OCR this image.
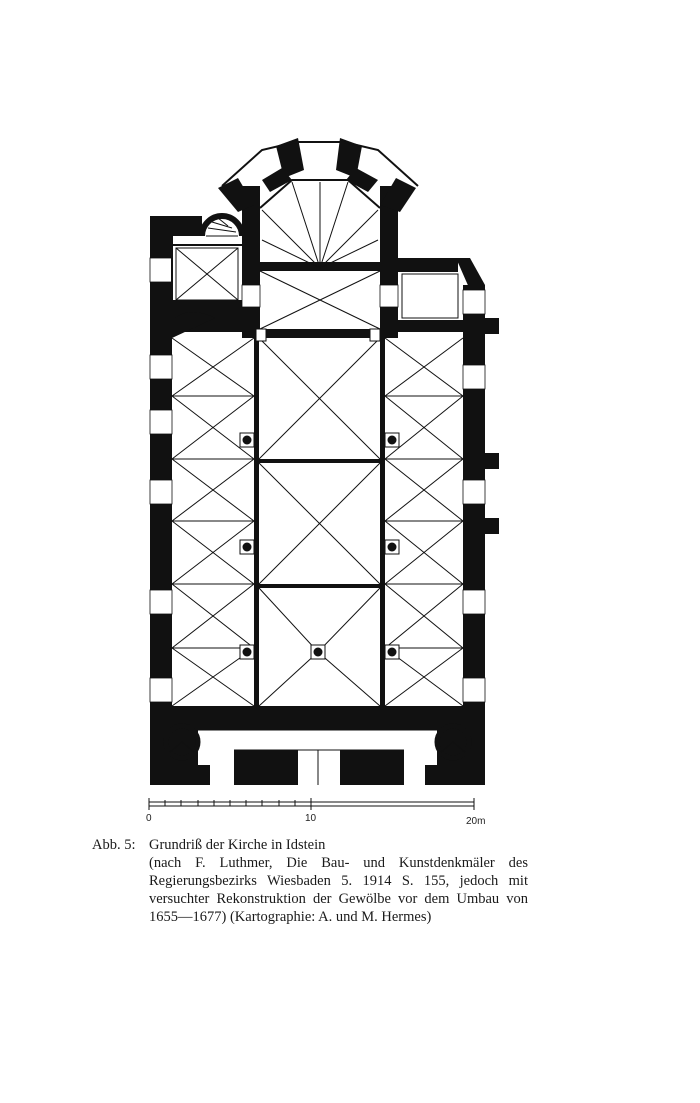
0	10	20m
Abb. 5: Grundriß der Kirche in Idstein
(nach F. Luthmer, Die Bau- und Kunstdenkmäler des Regierungsbezirks Wiesbaden 5. 1914 S. 155, jedoch mit versuchter Rekonstruktion der Gewölbe vor dem Umbau von 1655—1677) (Kartographie: A. und M. Hermes)
